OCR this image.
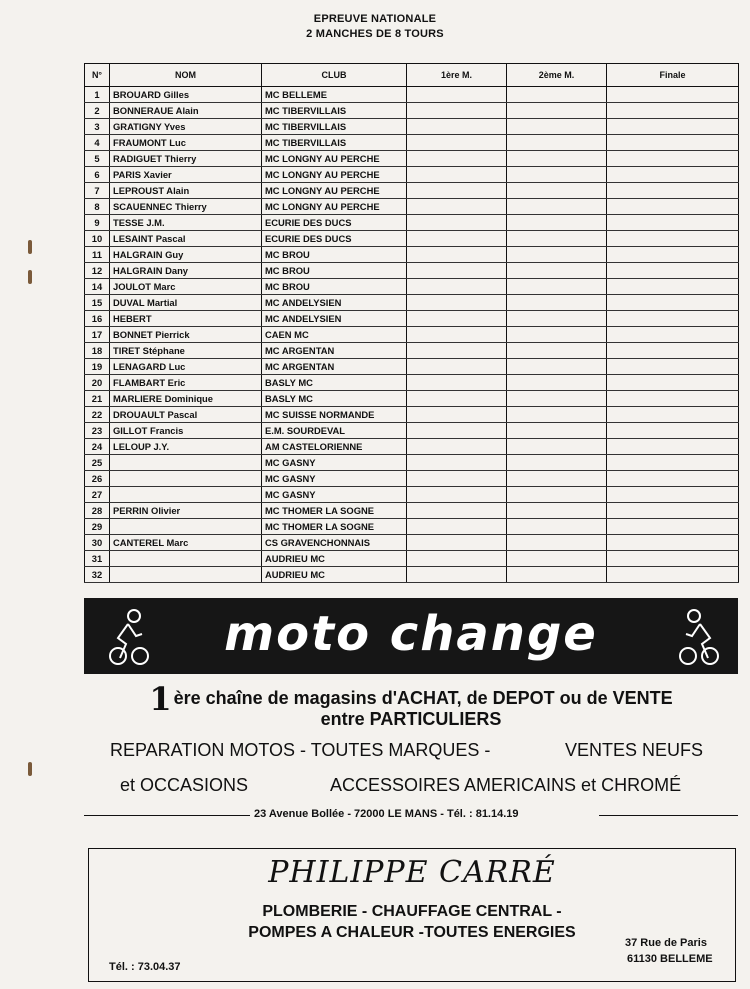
EPREUVE NATIONALE
2 MANCHES DE 8 TOURS
N°	NOM	CLUB	1ère M.	2ème M.	Finale
1	BROUARD Gilles	MC BELLEME			
2	BONNERAUE Alain	MC TIBERVILLAIS			
3	GRATIGNY Yves	MC TIBERVILLAIS			
4	FRAUMONT Luc	MC TIBERVILLAIS			
5	RADIGUET Thierry	MC LONGNY AU PERCHE			
6	PARIS Xavier	MC LONGNY AU PERCHE			
7	LEPROUST Alain	MC LONGNY AU PERCHE			
8	SCAUENNEC Thierry	MC LONGNY AU PERCHE			
9	TESSE J.M.	ECURIE DES DUCS			
10	LESAINT Pascal	ECURIE DES DUCS			
11	HALGRAIN Guy	MC BROU			
12	HALGRAIN Dany	MC BROU			
14	JOULOT Marc	MC BROU			
15	DUVAL Martial	MC ANDELYSIEN			
16	HEBERT	MC ANDELYSIEN			
17	BONNET Pierrick	CAEN MC			
18	TIRET Stéphane	MC ARGENTAN			
19	LENAGARD Luc	MC ARGENTAN			
20	FLAMBART Eric	BASLY MC			
21	MARLIERE Dominique	BASLY MC			
22	DROUAULT Pascal	MC SUISSE NORMANDE			
23	GILLOT Francis	E.M. SOURDEVAL			
24	LELOUP J.Y.	AM CASTELORIENNE			
25		MC GASNY			
26		MC GASNY			
27		MC GASNY			
28	PERRIN Olivier	MC THOMER LA SOGNE			
29		MC THOMER LA SOGNE			
30	CANTEREL Marc	CS GRAVENCHONNAIS			
31		AUDRIEU MC			
32		AUDRIEU MC			
moto change
1 ère chaîne de magasins d'ACHAT, de DEPOT ou de VENTE
entre PARTICULIERS
REPARATION MOTOS - TOUTES MARQUES -	VENTES NEUFS
et OCCASIONS	ACCESSOIRES AMERICAINS et CHROMÉ
23 Avenue Bollée - 72000 LE MANS - Tél. : 81.14.19
PHILIPPE CARRÉ
PLOMBERIE - CHAUFFAGE CENTRAL -
POMPES A CHALEUR -TOUTES ENERGIES
Tél. : 73.04.37
37 Rue de Paris
61130 BELLEME
